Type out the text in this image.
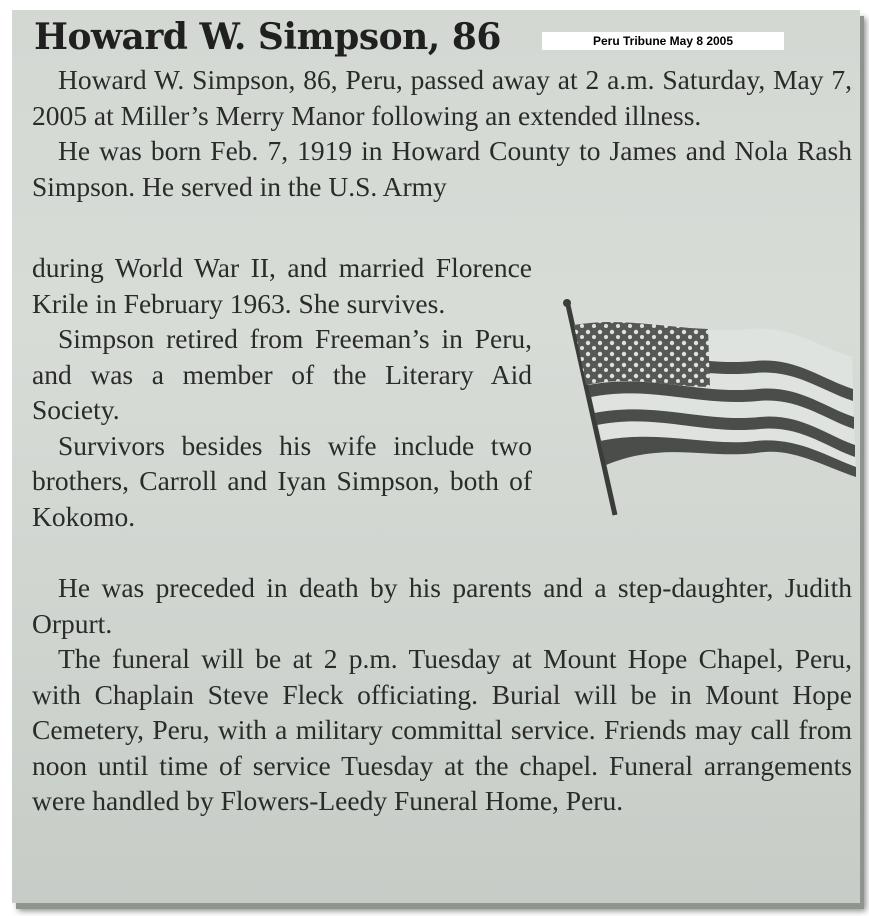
Howard W. Simpson, 86	Peru Tribune May 8 2005

Howard W. Simpson, 86, Peru, passed away at 2 a.m. Saturday, May 7, 2005 at Miller’s Merry Manor following an extended illness.

He was born Feb. 7, 1919 in Howard County to James and Nola Rash Simpson. He served in the U.S. Army

during World War II, and married Florence Krile in February 1963. She survives.

Simpson retired from Freeman’s in Peru, and was a member of the Literary Aid Society.

Survivors besides his wife include two brothers, Carroll and Iyan Simpson, both of Kokomo.

He was preceded in death by his parents and a step-daughter, Judith Orpurt.

The funeral will be at 2 p.m. Tuesday at Mount Hope Chapel, Peru, with Chaplain Steve Fleck officiating. Burial will be in Mount Hope Cemetery, Peru, with a military committal service. Friends may call from noon until time of service Tuesday at the chapel. Funeral arrangements were handled by Flowers-Leedy Funeral Home, Peru.
